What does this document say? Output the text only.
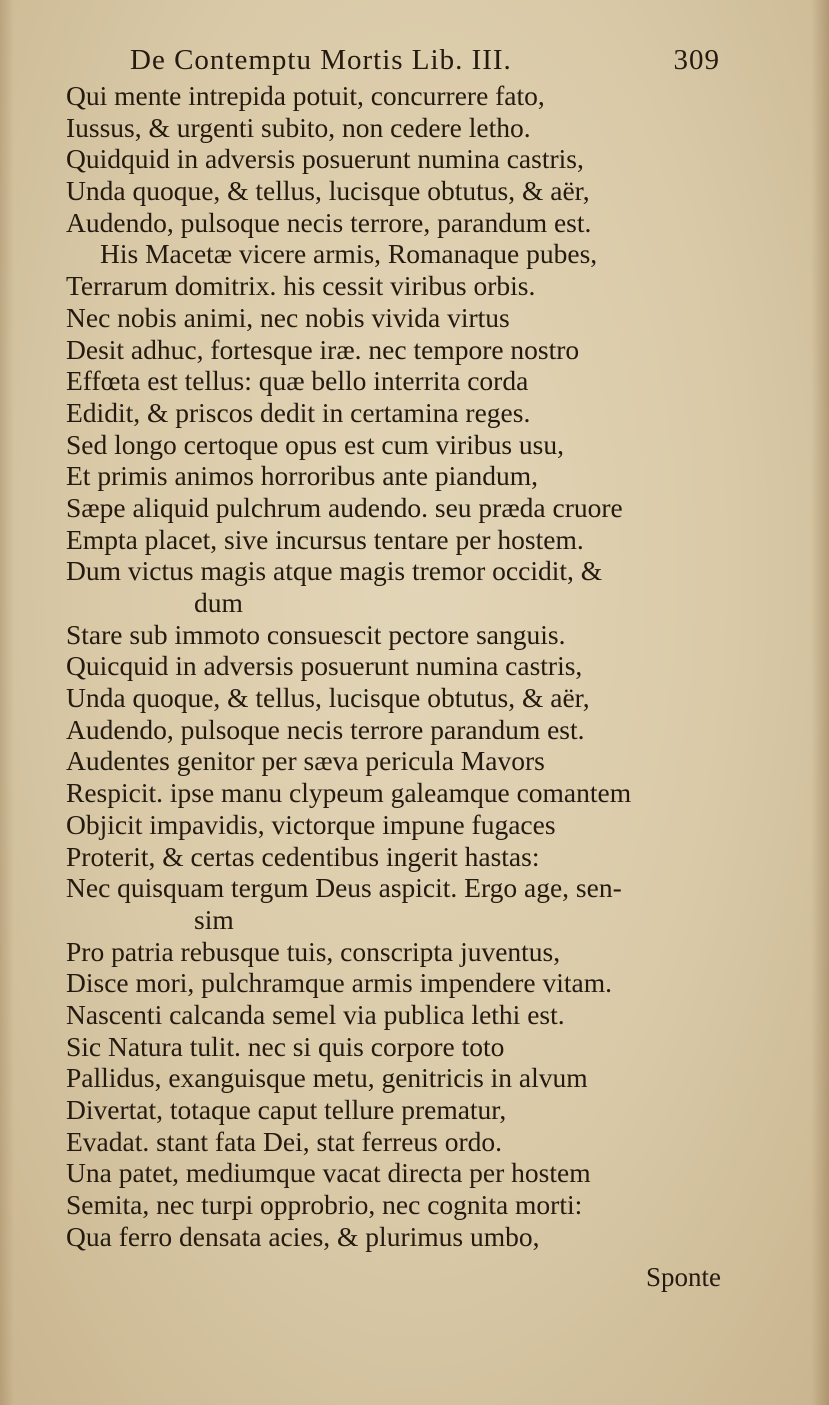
De Contemptu Mortis Lib. III.	309
Qui mente intrepida potuit, concurrere fato,
Iussus, & urgenti subito, non cedere letho.
Quidquid in adversis posuerunt numina castris,
Unda quoque, & tellus, lucisque obtutus, & aër,
Audendo, pulsoque necis terrore, parandum est.
His Macetæ vicere armis, Romanaque pubes,
Terrarum domitrix. his cessit viribus orbis.
Nec nobis animi, nec nobis vivida virtus
Desit adhuc, fortesque iræ. nec tempore nostro
Effœta est tellus: quæ bello interrita corda
Edidit, & priscos dedit in certamina reges.
Sed longo certoque opus est cum viribus usu,
Et primis animos horroribus ante piandum,
Sæpe aliquid pulchrum audendo. seu præda cruore
Empta placet, sive incursus tentare per hostem.
Dum victus magis atque magis tremor occidit, &
dum
Stare sub immoto consuescit pectore sanguis.
Quicquid in adversis posuerunt numina castris,
Unda quoque, & tellus, lucisque obtutus, & aër,
Audendo, pulsoque necis terrore parandum est.
Audentes genitor per sæva pericula Mavors
Respicit. ipse manu clypeum galeamque comantem
Objicit impavidis, victorque impune fugaces
Proterit, & certas cedentibus ingerit hastas:
Nec quisquam tergum Deus aspicit. Ergo age, sen-
sim
Pro patria rebusque tuis, conscripta juventus,
Disce mori, pulchramque armis impendere vitam.
Nascenti calcanda semel via publica lethi est.
Sic Natura tulit. nec si quis corpore toto
Pallidus, exanguisque metu, genitricis in alvum
Divertat, totaque caput tellure prematur,
Evadat. stant fata Dei, stat ferreus ordo.
Una patet, mediumque vacat directa per hostem
Semita, nec turpi opprobrio, nec cognita morti:
Qua ferro densata acies, & plurimus umbo,
Sponte
